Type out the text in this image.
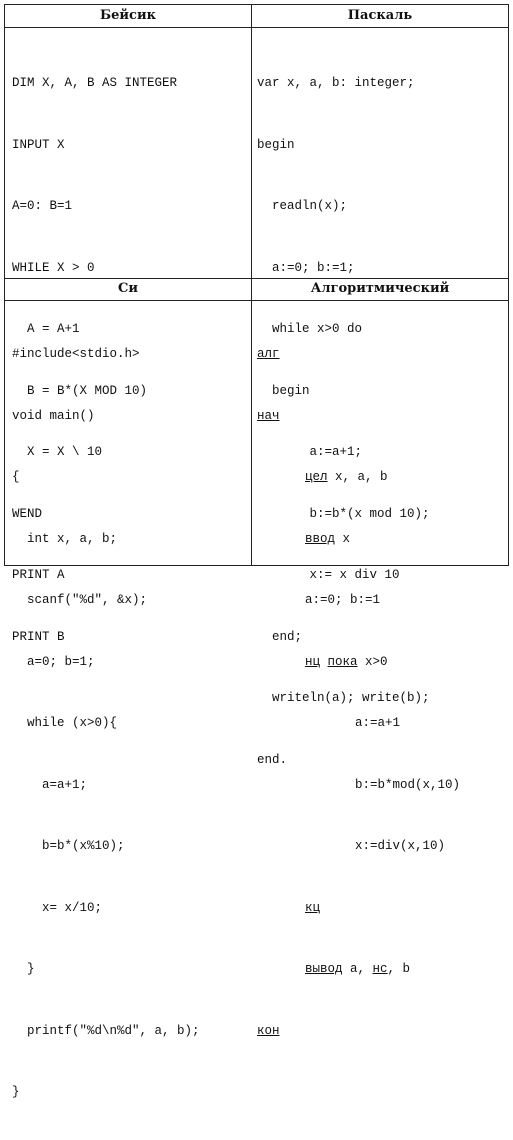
Бейсик	Паскаль
Си	Алгоритмический

DIM X, A, B AS INTEGER

INPUT X

A=0: B=1

WHILE X > 0

A = A+1

B = B*(X MOD 10)

X = X \ 10

WEND

PRINT A

PRINT B

var x, a, b: integer;

begin

readln(x);

a:=0; b:=1;

while x>0 do

begin

a:=a+1;

b:=b*(x mod 10);

x:= x div 10

end;

writeln(a); write(b);

end.

#include<stdio.h>

void main()

{

int x, a, b;

scanf("%d", &x);

a=0; b=1;

while (x>0){

a=a+1;

b=b*(x%10);

x= x/10;

}

printf("%d\n%d", a, b);

}

алг

нач

цел x, a, b

ввод x

a:=0; b:=1

нц пока x>0

a:=a+1

b:=b*mod(x,10)

x:=div(x,10)

кц

вывод a, нс, b

кон
